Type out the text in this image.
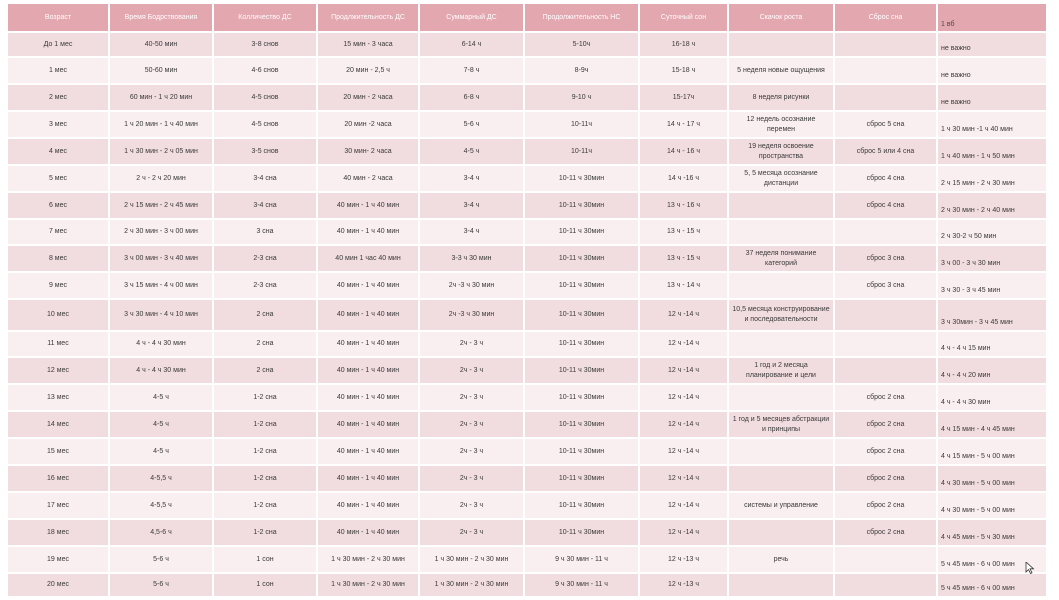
Возраст	Время Бодрствования	Колличество ДС	Продлжительность ДС	Суммарный ДС	Продолжительность НС	Суточный сон	Скачок роста	Сброс сна	1 вб
До 1 мес	40-50 мин	3-8 снов	15 мин - 3 часа	6-14 ч	5-10ч	16-18 ч			не важно
1 мес	50-60 мин	4-6 снов	20 мин - 2,5 ч	7-8 ч	8-9ч	15-18 ч	5 неделя новые ощущения		не важно
2 мес	60 мин - 1 ч 20 мин	4-5 снов	20 мин - 2 часа	6-8 ч	9-10 ч	15-17ч	8 неделя рисунки		не важно
3 мес	1 ч 20 мин - 1 ч 40 мин	4-5 снов	20 мин -2 часа	5-6 ч	10-11ч	14 ч - 17 ч	12 недель осознание перемен	сброс 5 сна	1 ч 30 мин -1 ч 40 мин
4 мес	1 ч 30 мин - 2 ч 05 мин	3-5 снов	30 мин- 2 часа	4-5 ч	10-11ч	14 ч - 16 ч	19 неделя освоение пространства	сброс 5 или 4 сна	1 ч 40 мин - 1 ч 50 мин
5 мес	2 ч - 2 ч 20 мин	3-4 сна	40 мин - 2 часа	3-4 ч	10-11 ч 30мин	14 ч -16 ч	5, 5 месяца осознание дистанции	сброс 4 сна	2 ч 15 мин - 2 ч 30 мин
6 мес	2 ч 15 мин - 2 ч 45 мин	3-4 сна	40 мин - 1 ч 40 мин	3-4 ч	10-11 ч 30мин	13 ч - 16 ч		сброс 4 сна	2 ч 30 мин - 2 ч 40 мин
7 мес	2 ч 30 мин - 3 ч 00 мин	3 сна	40 мин - 1 ч 40 мин	3-4 ч	10-11 ч 30мин	13 ч - 15 ч			2 ч 30-2 ч 50 мин
8 мес	3 ч 00 мин - 3 ч 40 мин	2-3 сна	40 мин 1 час 40 мин	3-3 ч 30 мин	10-11 ч 30мин	13 ч - 15 ч	37 неделя понимание категорий	сброс 3 сна	3 ч 00 - 3 ч 30 мин
9 мес	3 ч 15 мин - 4 ч 00 мин	2-3 сна	40 мин - 1 ч 40 мин	2ч -3 ч 30 мин	10-11 ч 30мин	13 ч - 14 ч		сброс 3 сна	3 ч 30 - 3 ч 45 мин
10 мес	3 ч 30 мин - 4 ч 10 мин	2 сна	40 мин - 1 ч 40 мин	2ч -3 ч 30 мин	10-11 ч 30мин	12 ч -14 ч	10,5 месяца конструирование и последовательности		3 ч 30мин - 3 ч 45 мин
11 мес	4 ч - 4 ч 30 мин	2 сна	40 мин - 1 ч 40 мин	2ч - 3 ч	10-11 ч 30мин	12 ч -14 ч			4 ч - 4 ч 15 мин
12 мес	4 ч - 4 ч 30 мин	2 сна	40 мин - 1 ч 40 мин	2ч - 3 ч	10-11 ч 30мин	12 ч -14 ч	1 год и 2 месяца планирование и цели		4 ч - 4 ч 20 мин
13 мес	4-5 ч	1-2 сна	40 мин - 1 ч 40 мин	2ч - 3 ч	10-11 ч 30мин	12 ч -14 ч		сброс 2 сна	4 ч - 4 ч 30 мин
14 мес	4-5 ч	1-2 сна	40 мин - 1 ч 40 мин	2ч - 3 ч	10-11 ч 30мин	12 ч -14 ч	1 год и 5 месяцев абстракции и принципы	сброс 2 сна	4 ч 15 мин - 4 ч 45 мин
15 мес	4-5 ч	1-2 сна	40 мин - 1 ч 40 мин	2ч - 3 ч	10-11 ч 30мин	12 ч -14 ч		сброс 2 сна	4 ч 15 мин - 5 ч 00 мин
16 мес	4-5,5 ч	1-2 сна	40 мин - 1 ч 40 мин	2ч - 3 ч	10-11 ч 30мин	12 ч -14 ч		сброс 2 сна	4 ч 30 мин - 5 ч 00 мин
17 мес	4-5,5 ч	1-2 сна	40 мин - 1 ч 40 мин	2ч - 3 ч	10-11 ч 30мин	12 ч -14 ч	системы и управление	сброс 2 сна	4 ч 30 мин - 5 ч 00 мин
18 мес	4,5-6 ч	1-2 сна	40 мин - 1 ч 40 мин	2ч - 3 ч	10-11 ч 30мин	12 ч -14 ч		сброс 2 сна	4 ч 45 мин - 5 ч 30 мин
19 мес	5-6 ч	1 сон	1 ч 30 мин - 2 ч 30 мин	1 ч 30 мин - 2 ч 30 мин	9 ч 30 мин - 11 ч	12 ч -13 ч	речь		5 ч 45 мин - 6 ч 00 мин
20 мес	5-6 ч	1 сон	1 ч 30 мин - 2 ч 30 мин	1 ч 30 мин - 2 ч 30 мин	9 ч 30 мин - 11 ч	12 ч -13 ч			5 ч 45 мин - 6 ч 00 мин
